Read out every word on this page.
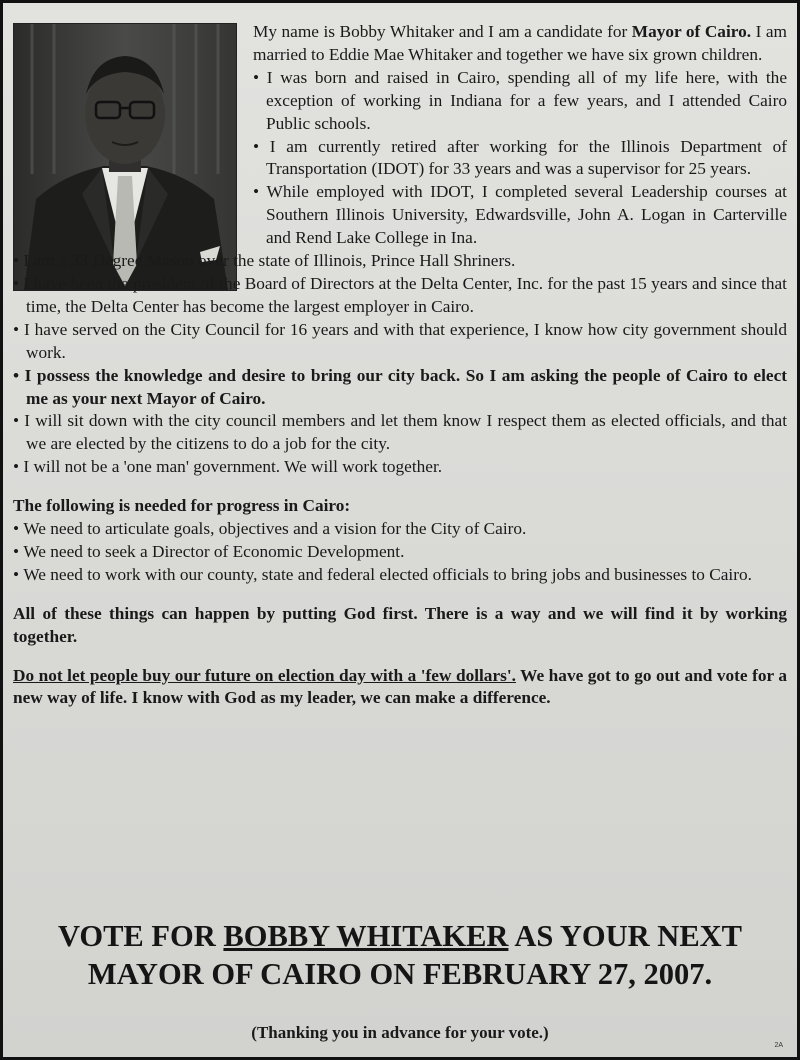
My name is Bobby Whitaker and I am a candidate for Mayor of Cairo. I am married to Eddie Mae Whitaker and together we have six grown children.

• I was born and raised in Cairo, spending all of my life here, with the exception of working in Indiana for a few years, and I attended Cairo Public schools.

• I am currently retired after working for the Illinois Department of Transportation (IDOT) for 33 years and was a supervisor for 25 years.

• While employed with IDOT, I completed several Leadership courses at Southern Illinois University, Edwardsville, John A. Logan in Carterville and Rend Lake College in Ina.

• I am a 33 Degree Mason over the state of Illinois, Prince Hall Shriners.

• I have been the president of the Board of Directors at the Delta Center, Inc. for the past 15 years and since that time, the Delta Center has become the largest employer in Cairo.

• I have served on the City Council for 16 years and with that experience, I know how city government should work.

• I possess the knowledge and desire to bring our city back. So I am asking the people of Cairo to elect me as your next Mayor of Cairo.

• I will sit down with the city council members and let them know I respect them as elected officials, and that we are elected by the citizens to do a job for the city.

• I will not be a 'one man' government. We will work together.

The following is needed for progress in Cairo:

• We need to articulate goals, objectives and a vision for the City of Cairo.

• We need to seek a Director of Economic Development.

• We need to work with our county, state and federal elected officials to bring jobs and businesses to Cairo.

All of these things can happen by putting God first. There is a way and we will find it by working together.

Do not let people buy our future on election day with a 'few dollars'. We have got to go out and vote for a new way of life. I know with God as my leader, we can make a difference.

VOTE FOR BOBBY WHITAKER AS YOUR NEXT
MAYOR OF CAIRO ON FEBRUARY 27, 2007.
(Thanking you in advance for your vote.)
2A
